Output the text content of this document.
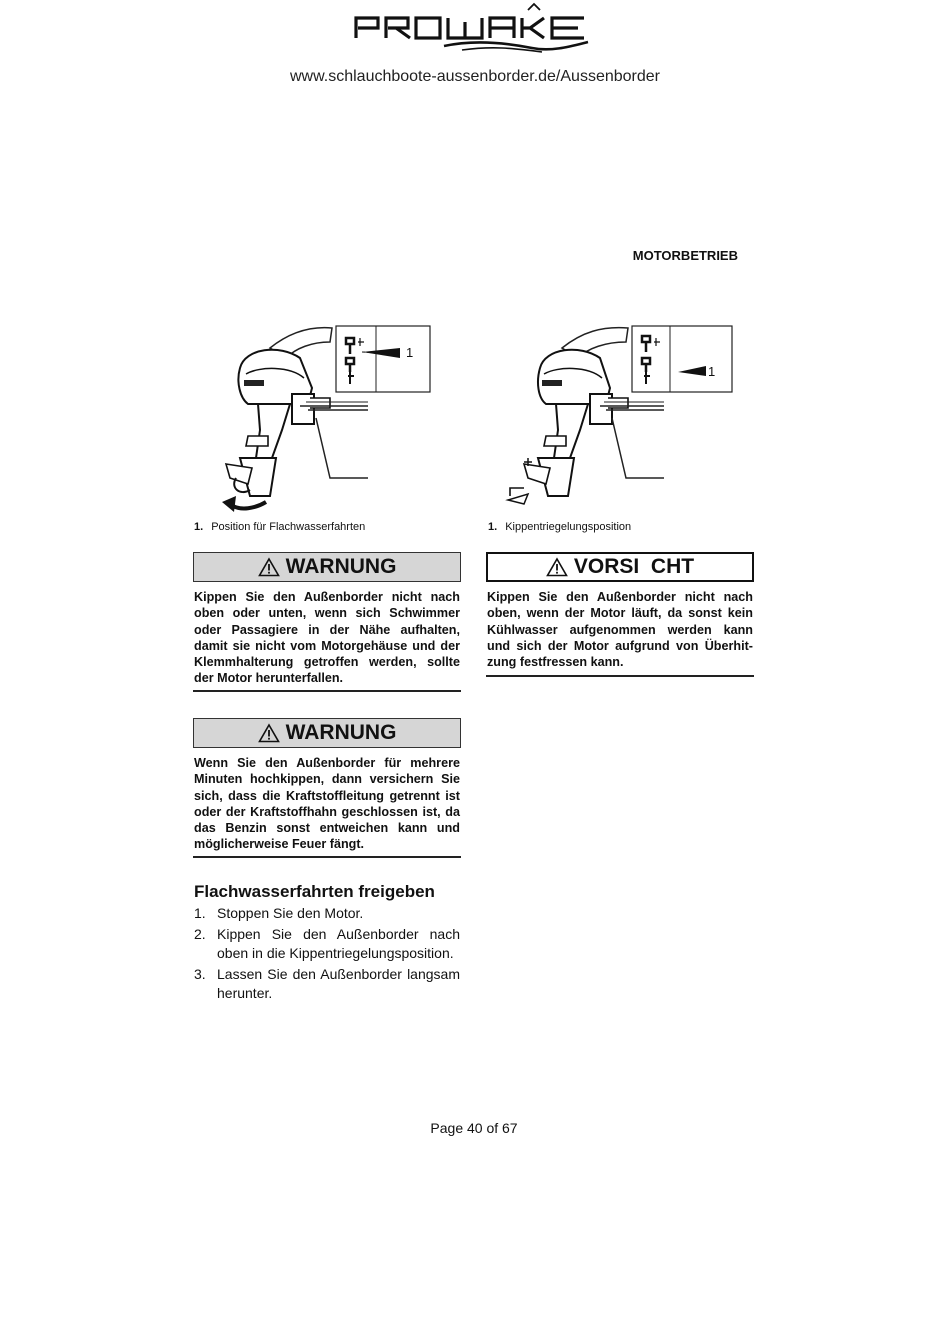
PROWAKE
www.schlauchboote-aussenborder.de/Aussenborder
MOTORBETRIEB
1
1
1. Position für Flachwasserfahrten	1. Kippentriegelungsposition
WARNUNG
Kippen Sie den Außenborder nicht nach oben oder unten, wenn sich Schwimmer oder Passagiere in der Nähe aufhalten, damit sie nicht vom Motorgehäuse und der Klemmhalterung getroffen werden, sollte der Motor herunterfallen.
VORSI  CHT
Kippen Sie den Außenborder nicht nach oben, wenn der Motor läuft, da sonst kein Kühlwasser aufgenommen werden kann und sich der Motor aufgrund von Überhit-zung festfressen kann.
WARNUNG
Wenn Sie den Außenborder für mehrere Minuten hochkippen, dann versichern Sie sich, dass die Kraftstoffleitung getrennt ist oder der Kraftstoffhahn geschlossen ist, da das Benzin sonst entweichen kann und möglicherweise Feuer fängt.
Flachwasserfahrten freigeben
1. Stoppen Sie den Motor.
2. Kippen Sie den Außenborder nach oben in die Kippentriegelungsposition.
3. Lassen Sie den Außenborder langsam herunter.
Page 40 of 67
